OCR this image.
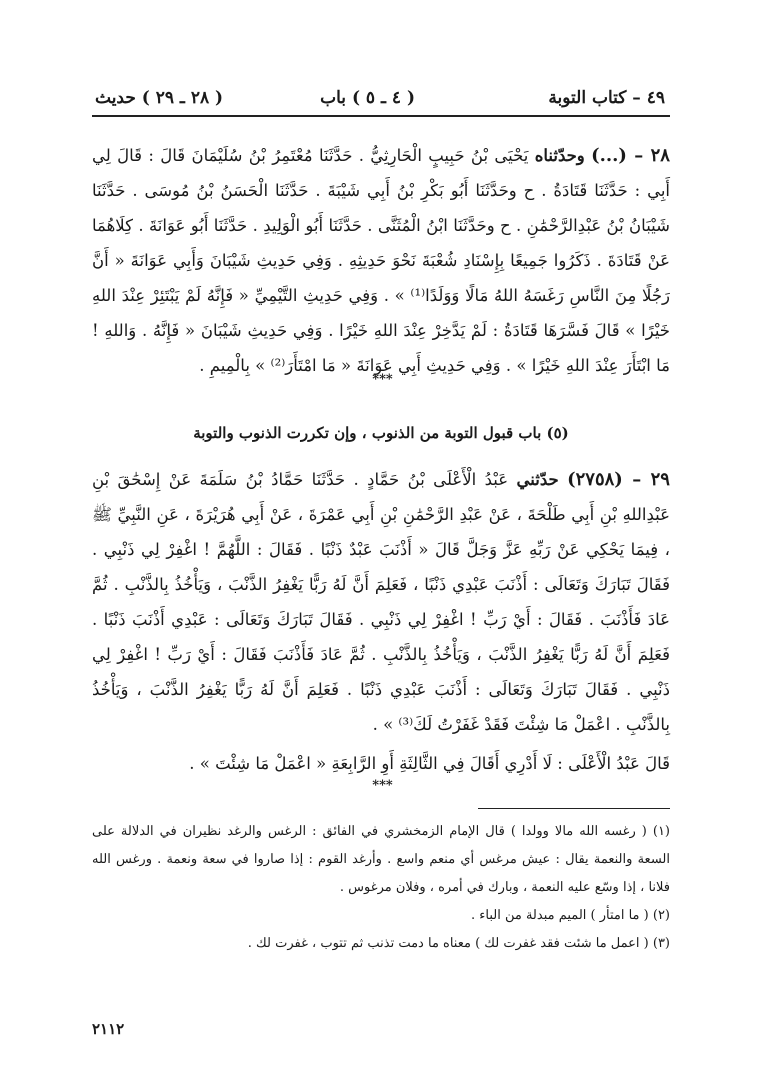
٤٩ – كتاب التوبة
( ٤ ـ ٥ ) باب
( ٢٨ ـ ٢٩ ) حديث
٢٨ – (...) وحدّثناه يَحْيَى بْنُ حَبِيبٍ الْحَارِثِيُّ . حَدَّثَنَا مُعْتَمِرُ بْنُ سُلَيْمَانَ قَالَ : قَالَ لِي أَبِي : حَدَّثَنَا قَتَادَةُ . ح وحَدَّثَنَا أَبُو بَكْرِ بْنُ أَبِي شَيْبَةَ . حَدَّثَنَا الْحَسَنُ بْنُ مُوسَى . حَدَّثَنَا شَيْبَانُ بْنُ عَبْدِالرَّحْمَٰنِ . ح وحَدَّثَنَا ابْنُ الْمُثَنَّى . حَدَّثَنَا أَبُو الْوَلِيدِ . حَدَّثَنَا أَبُو عَوَانَةَ . كِلَاهُمَا عَنْ قَتَادَةَ . ذَكَرُوا جَمِيعًا بِإِسْنَادِ شُعْبَةَ نَحْوَ حَدِيثِهِ . وَفِي حَدِيثِ شَيْبَانَ وَأَبِي عَوَانَةَ « أَنَّ رَجُلًا مِنَ النَّاسِ رَغَسَهُ اللهُ مَالًا وَوَلَدًا⁽¹⁾ » . وَفِي حَدِيثِ التَّيْمِيِّ « فَإِنَّهُ لَمْ يَبْتَئِرْ عِنْدَ اللهِ خَيْرًا » قَالَ فَسَّرَهَا قَتَادَةُ : لَمْ يَدَّخِرْ عِنْدَ اللهِ خَيْرًا . وَفِي حَدِيثِ شَيْبَانَ « فَإِنَّهُ . وَاللهِ ! مَا ابْتَأَرَ عِنْدَ اللهِ خَيْرًا » . وَفِي حَدِيثِ أَبِي عَوَانَةَ « مَا امْتَأَرَ⁽²⁾ » بِالْمِيمِ .
***
(٥) باب قبول التوبة من الذنوب ، وإن تكررت الذنوب والتوبة
٢٩ – (٢٧٥٨) حدّثني عَبْدُ الْأَعْلَى بْنُ حَمَّادٍ . حَدَّثَنَا حَمَّادُ بْنُ سَلَمَةَ عَنْ إِسْحَٰقَ بْنِ عَبْدِاللهِ بْنِ أَبِي طَلْحَةَ ، عَنْ عَبْدِ الرَّحْمَٰنِ بْنِ أَبِي عَمْرَةَ ، عَنْ أَبِي هُرَيْرَةَ ، عَنِ النَّبِيِّ ﷺ ، فِيمَا يَحْكِي عَنْ رَبِّهِ عَزَّ وَجَلَّ قَالَ « أَذْنَبَ عَبْدٌ ذَنْبًا . فَقَالَ : اللَّهُمَّ ! اغْفِرْ لِي ذَنْبِي . فَقَالَ تَبَارَكَ وَتَعَالَى : أَذْنَبَ عَبْدِي ذَنْبًا ، فَعَلِمَ أَنَّ لَهُ رَبًّا يَغْفِرُ الذَّنْبَ ، وَيَأْخُذُ بِالذَّنْبِ . ثُمَّ عَادَ فَأَذْنَبَ . فَقَالَ : أَيْ رَبِّ ! اغْفِرْ لِي ذَنْبِي . فَقَالَ تَبَارَكَ وَتَعَالَى : عَبْدِي أَذْنَبَ ذَنْبًا . فَعَلِمَ أَنَّ لَهُ رَبًّا يَغْفِرُ الذَّنْبَ ، وَيَأْخُذُ بِالذَّنْبِ . ثُمَّ عَادَ فَأَذْنَبَ فَقَالَ : أَيْ رَبِّ ! اغْفِرْ لِي ذَنْبِي . فَقَالَ تَبَارَكَ وَتَعَالَى : أَذْنَبَ عَبْدِي ذَنْبًا . فَعَلِمَ أَنَّ لَهُ رَبًّا يَغْفِرُ الذَّنْبَ ، وَيَأْخُذُ بِالذَّنْبِ . اعْمَلْ مَا شِئْتَ فَقَدْ غَفَرْتُ لَكَ⁽³⁾ » .
قَالَ عَبْدُ الْأَعْلَى : لَا أَدْرِي أَقَالَ فِي الثَّالِثَةِ أَوِ الرَّابِعَةِ « اعْمَلْ مَا شِئْتَ » .
***

(١) ( رغسه الله مالا وولدا ) قال الإمام الزمخشري في الفائق : الرغس والرغد نظيران في الدلالة على السعة والنعمة يقال : عيش مرغس أي منعم واسع . وأرغد القوم : إذا صاروا في سعة ونعمة . ورغس الله فلانا ، إذا وسّع عليه النعمة ، وبارك في أمره ، وفلان مرغوس .

(٢) ( ما امتأر ) الميم مبدلة من الباء .

(٣) ( اعمل ما شئت فقد غفرت لك ) معناه ما دمت تذنب ثم تتوب ، غفرت لك .

٢١١٢
